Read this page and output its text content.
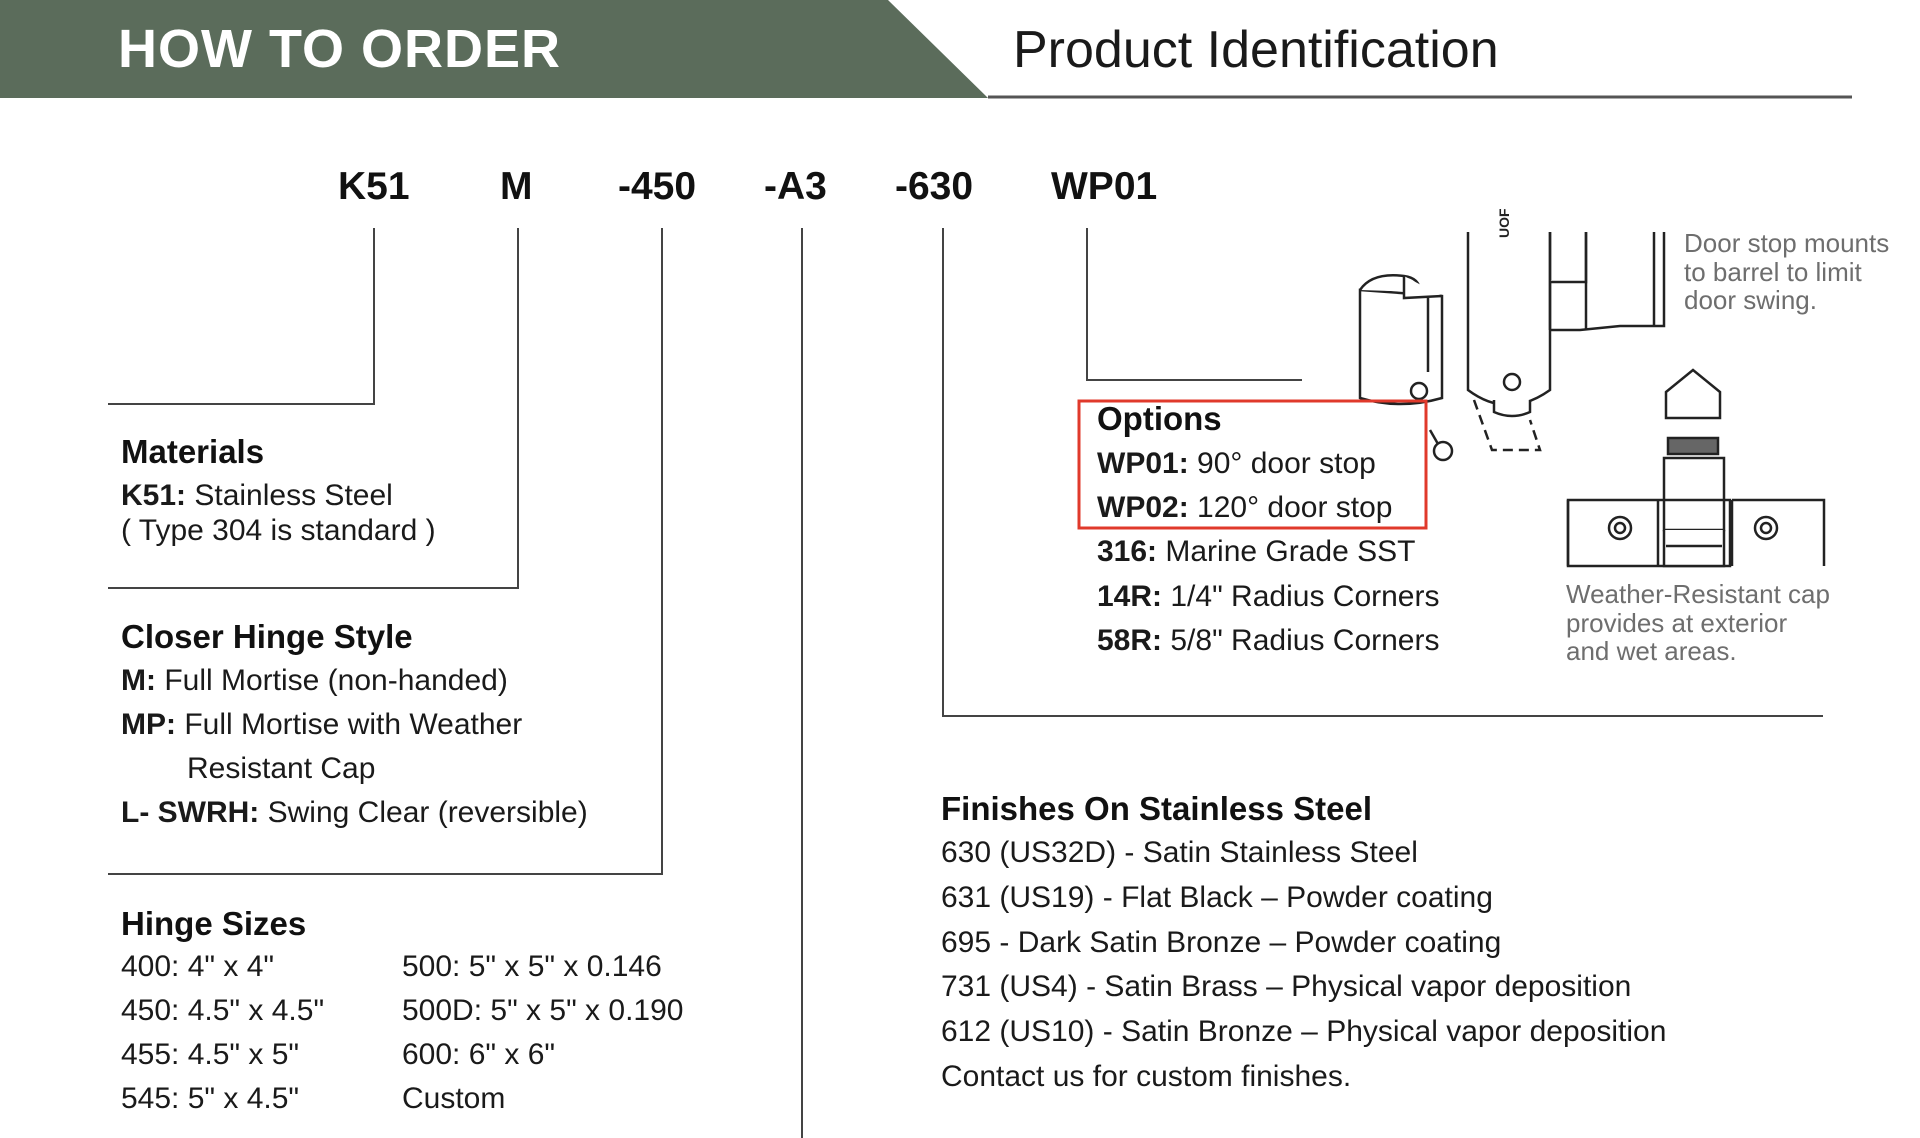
HOW TO ORDER	Product Identification
K51 M -450 -A3 -630 WP01
Materials
K51: Stainless Steel
( Type 304 is standard )
Closer Hinge Style
M: Full Mortise (non-handed)
MP: Full Mortise with Weather
Resistant Cap
L- SWRH: Swing Clear (reversible)
Hinge Sizes
400: 4" x 4"
450: 4.5" x 4.5"
455: 4.5" x 5"
545: 5" x 4.5"
500: 5" x 5" x 0.146
500D: 5" x 5" x 0.190
600: 6" x 6"
Custom
Options
WP01: 90° door stop
WP02: 120° door stop
316: Marine Grade SST
14R: 1/4" Radius Corners
58R: 5/8" Radius Corners
Door stop mounts
to barrel to limit
door swing.
Weather-Resistant cap
provides at exterior
and wet areas.
UOF
Finishes On Stainless Steel
630 (US32D) - Satin Stainless Steel
631 (US19) - Flat Black – Powder coating
695 - Dark Satin Bronze – Powder coating
731 (US4) - Satin Brass – Physical vapor deposition
612 (US10) - Satin Bronze – Physical vapor deposition
Contact us for custom finishes.
